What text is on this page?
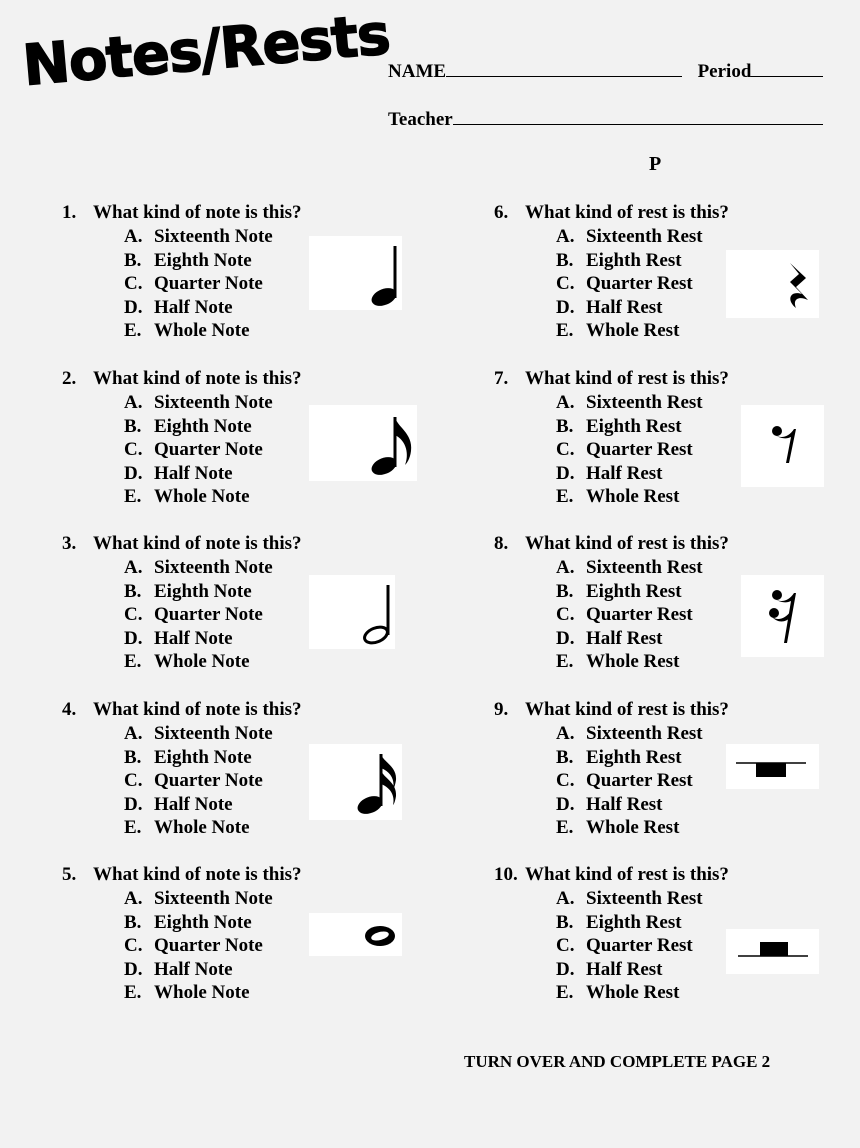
Notes/Rests
NAME	Period
Teacher
P
1. What kind of note is this?
A. Sixteenth Note
B. Eighth Note
C. Quarter Note
D. Half Note
E. Whole Note
2. What kind of note is this?
A. Sixteenth Note
B. Eighth Note
C. Quarter Note
D. Half Note
E. Whole Note
3. What kind of note is this?
A. Sixteenth Note
B. Eighth Note
C. Quarter Note
D. Half Note
E. Whole Note
4. What kind of note is this?
A. Sixteenth Note
B. Eighth Note
C. Quarter Note
D. Half Note
E. Whole Note
5. What kind of note is this?
A. Sixteenth Note
B. Eighth Note
C. Quarter Note
D. Half Note
E. Whole Note
6. What kind of rest is this?
A. Sixteenth Rest
B. Eighth Rest
C. Quarter Rest
D. Half Rest
E. Whole Rest
7. What kind of rest is this?
A. Sixteenth Rest
B. Eighth Rest
C. Quarter Rest
D. Half Rest
E. Whole Rest
8. What kind of rest is this?
A. Sixteenth Rest
B. Eighth Rest
C. Quarter Rest
D. Half Rest
E. Whole Rest
9. What kind of rest is this?
A. Sixteenth Rest
B. Eighth Rest
C. Quarter Rest
D. Half Rest
E. Whole Rest
10. What kind of rest is this?
A. Sixteenth Rest
B. Eighth Rest
C. Quarter Rest
D. Half Rest
E. Whole Rest
TURN OVER AND COMPLETE PAGE 2
